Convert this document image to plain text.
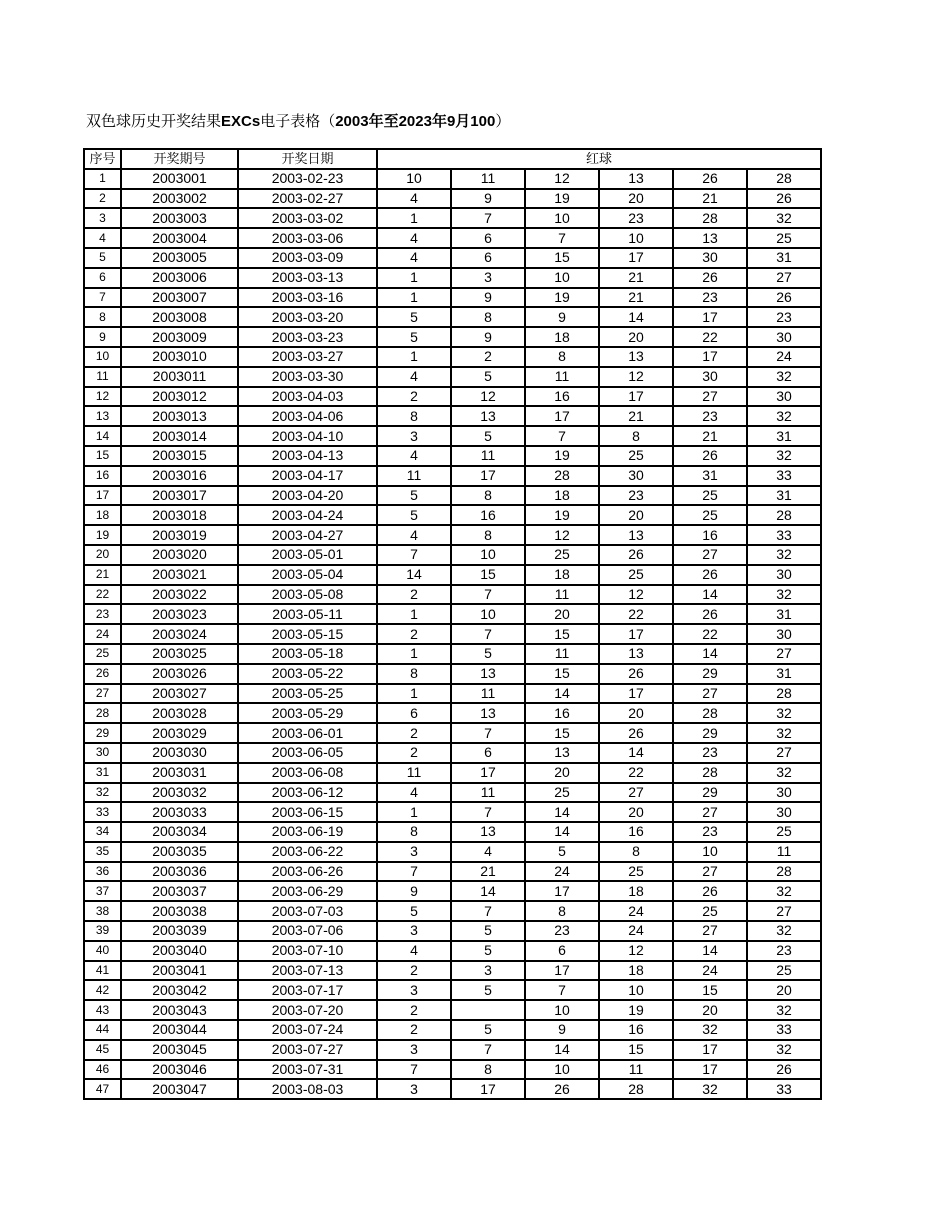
双色球历史开奖结果EXCs电子表格（2003年至2023年9月100）
序号	开奖期号	开奖日期	红球					
1	2003001	2003-02-23	10	11	12	13	26	28
2	2003002	2003-02-27	4	9	19	20	21	26
3	2003003	2003-03-02	1	7	10	23	28	32
4	2003004	2003-03-06	4	6	7	10	13	25
5	2003005	2003-03-09	4	6	15	17	30	31
6	2003006	2003-03-13	1	3	10	21	26	27
7	2003007	2003-03-16	1	9	19	21	23	26
8	2003008	2003-03-20	5	8	9	14	17	23
9	2003009	2003-03-23	5	9	18	20	22	30
10	2003010	2003-03-27	1	2	8	13	17	24
11	2003011	2003-03-30	4	5	11	12	30	32
12	2003012	2003-04-03	2	12	16	17	27	30
13	2003013	2003-04-06	8	13	17	21	23	32
14	2003014	2003-04-10	3	5	7	8	21	31
15	2003015	2003-04-13	4	11	19	25	26	32
16	2003016	2003-04-17	11	17	28	30	31	33
17	2003017	2003-04-20	5	8	18	23	25	31
18	2003018	2003-04-24	5	16	19	20	25	28
19	2003019	2003-04-27	4	8	12	13	16	33
20	2003020	2003-05-01	7	10	25	26	27	32
21	2003021	2003-05-04	14	15	18	25	26	30
22	2003022	2003-05-08	2	7	11	12	14	32
23	2003023	2003-05-11	1	10	20	22	26	31
24	2003024	2003-05-15	2	7	15	17	22	30
25	2003025	2003-05-18	1	5	11	13	14	27
26	2003026	2003-05-22	8	13	15	26	29	31
27	2003027	2003-05-25	1	11	14	17	27	28
28	2003028	2003-05-29	6	13	16	20	28	32
29	2003029	2003-06-01	2	7	15	26	29	32
30	2003030	2003-06-05	2	6	13	14	23	27
31	2003031	2003-06-08	11	17	20	22	28	32
32	2003032	2003-06-12	4	11	25	27	29	30
33	2003033	2003-06-15	1	7	14	20	27	30
34	2003034	2003-06-19	8	13	14	16	23	25
35	2003035	2003-06-22	3	4	5	8	10	11
36	2003036	2003-06-26	7	21	24	25	27	28
37	2003037	2003-06-29	9	14	17	18	26	32
38	2003038	2003-07-03	5	7	8	24	25	27
39	2003039	2003-07-06	3	5	23	24	27	32
40	2003040	2003-07-10	4	5	6	12	14	23
41	2003041	2003-07-13	2	3	17	18	24	25
42	2003042	2003-07-17	3	5	7	10	15	20
43	2003043	2003-07-20	2		10	19	20	32
44	2003044	2003-07-24	2	5	9	16	32	33
45	2003045	2003-07-27	3	7	14	15	17	32
46	2003046	2003-07-31	7	8	10	11	17	26
47	2003047	2003-08-03	3	17	26	28	32	33
